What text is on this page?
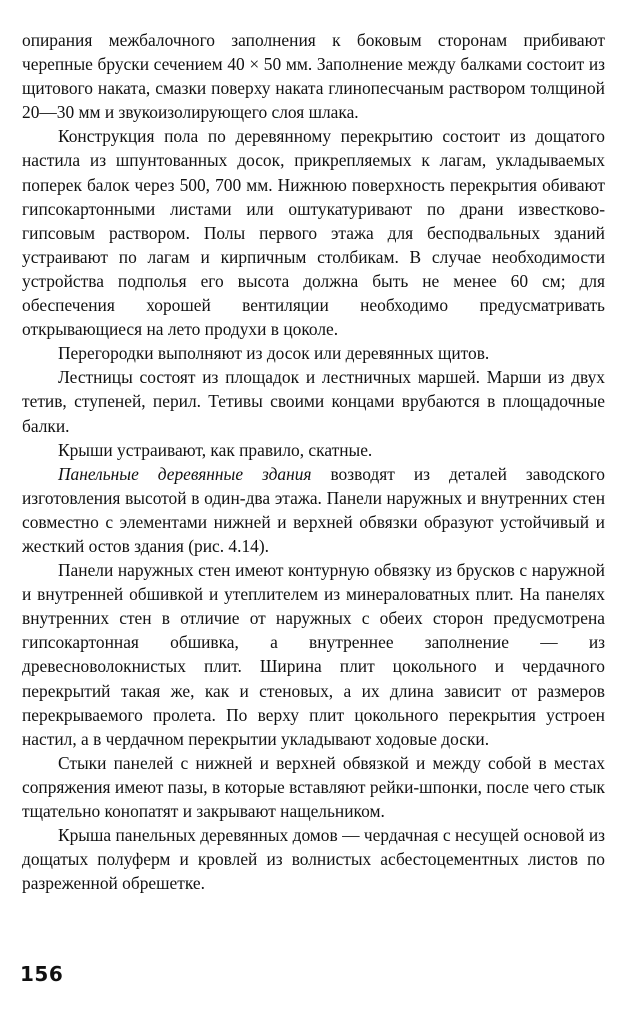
опирания межбалочного заполнения к боковым сторонам прибивают черепные бруски сечением 40 × 50 мм. Заполнение между балками состоит из щитового наката, смазки поверху наката глинопесчаным раствором толщиной 20—30 мм и звукоизолирующего слоя шлака.

Конструкция пола по деревянному перекрытию состоит из дощатого настила из шпунтованных досок, прикрепляемых к лагам, укладываемых поперек балок через 500, 700 мм. Нижнюю поверхность перекрытия обивают гипсокартонными листами или оштукатуривают по драни известково-гипсовым раствором. Полы первого этажа для бесподвальных зданий устраивают по лагам и кирпичным столбикам. В случае необходимости устройства подполья его высота должна быть не менее 60 см; для обеспечения хорошей вентиляции необходимо предусматривать открывающиеся на лето продухи в цоколе.

Перегородки выполняют из досок или деревянных щитов.

Лестницы состоят из площадок и лестничных маршей. Марши из двух тетив, ступеней, перил. Тетивы своими концами врубаются в площадочные балки.

Крыши устраивают, как правило, скатные.

Панельные деревянные здания возводят из деталей заводского изготовления высотой в один-два этажа. Панели наружных и внутренних стен совместно с элементами нижней и верхней обвязки образуют устойчивый и жесткий остов здания (рис. 4.14).

Панели наружных стен имеют контурную обвязку из брусков с наружной и внутренней обшивкой и утеплителем из минераловатных плит. На панелях внутренних стен в отличие от наружных с обеих сторон предусмотрена гипсокартонная обшивка, а внутреннее заполнение — из древесноволокнистых плит. Ширина плит цокольного и чердачного перекрытий такая же, как и стеновых, а их длина зависит от размеров перекрываемого пролета. По верху плит цокольного перекрытия устроен настил, а в чердачном перекрытии укладывают ходовые доски.

Стыки панелей с нижней и верхней обвязкой и между собой в местах сопряжения имеют пазы, в которые вставляют рейки-шпонки, после чего стык тщательно конопатят и закрывают нащельником.

Крыша панельных деревянных домов — чердачная с несущей основой из дощатых полуферм и кровлей из волнистых асбестоцементных листов по разреженной обрешетке.

156
